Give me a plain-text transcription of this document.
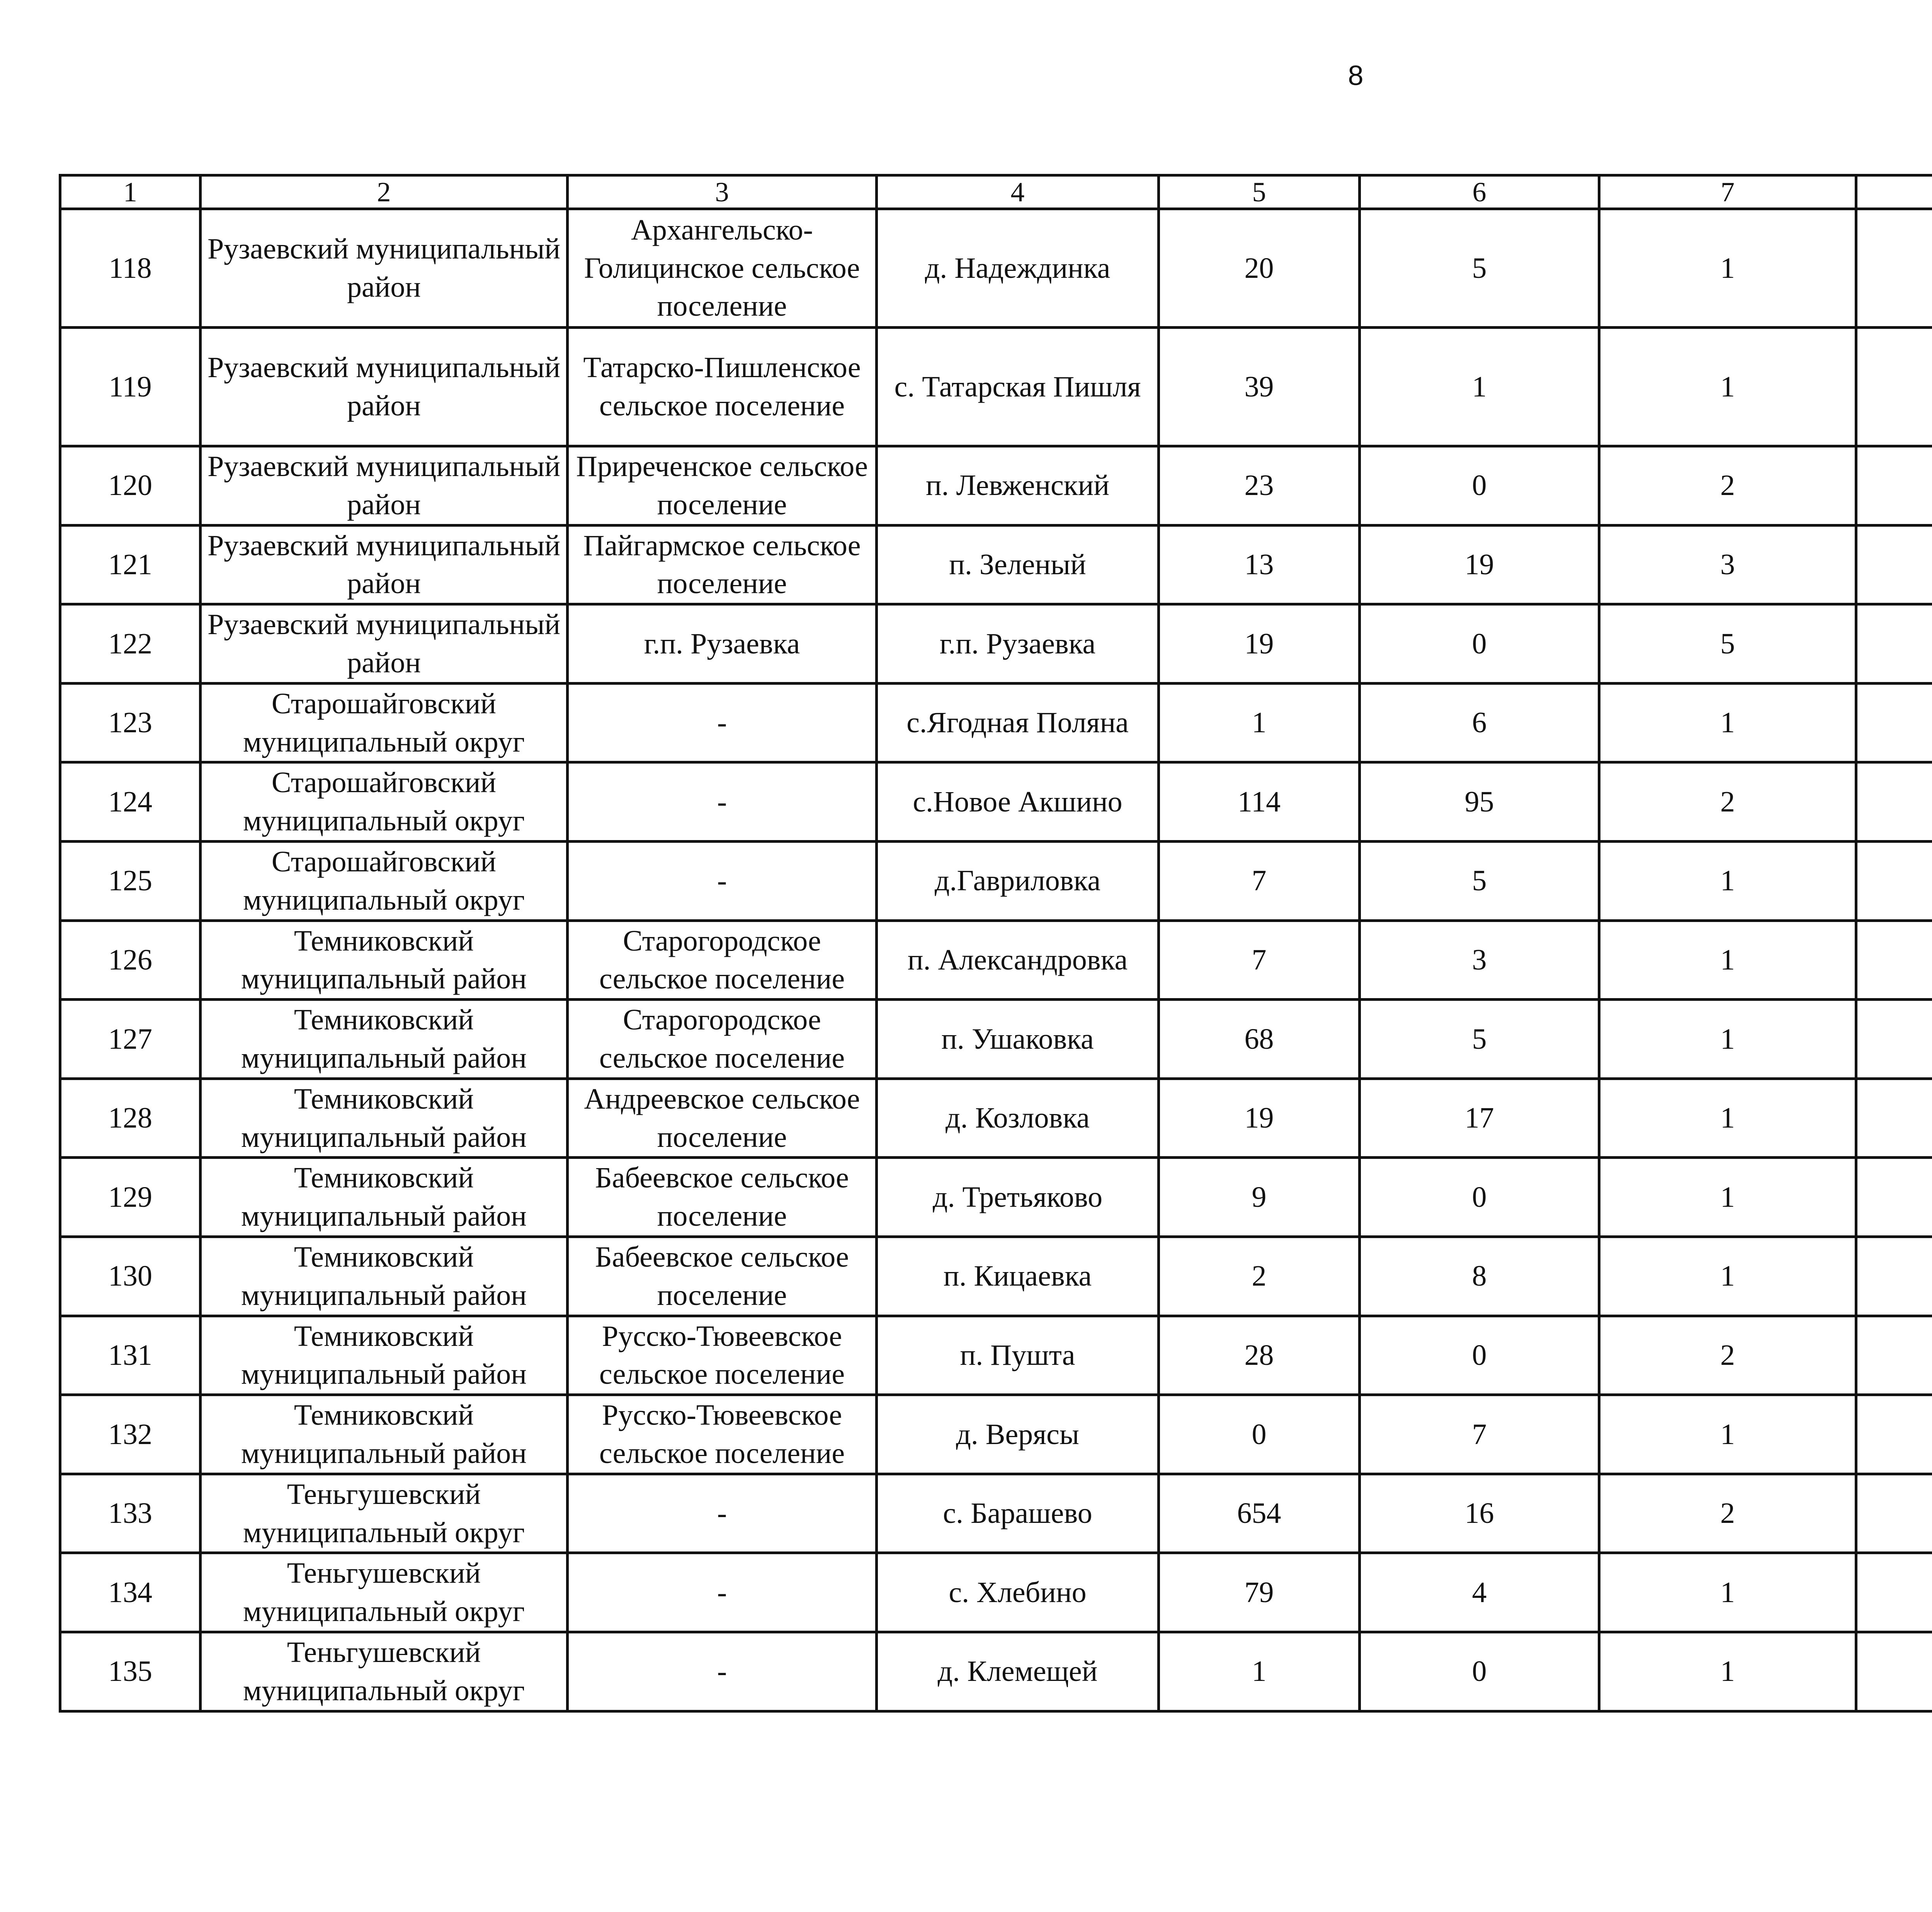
8
1	2	3	4	5	6	7			
118	Рузаевский муниципальный район	Архангельско-Голицинское сельское поселение	д. Надеждинка	20	5	1			
119	Рузаевский муниципальный район	Татарско-Пишленское сельское поселение	с. Татарская Пишля	39	1	1			
120	Рузаевский муниципальный район	Приреченское сельское поселение	п. Левженский	23	0	2			
121	Рузаевский муниципальный район	Пайгармское сельское поселение	п. Зеленый	13	19	3			
122	Рузаевский муниципальный район	г.п. Рузаевка	г.п. Рузаевка	19	0	5			
123	Старошайговский муниципальный округ	-	с.Ягодная Поляна	1	6	1			
124	Старошайговский муниципальный округ	-	с.Новое Акшино	114	95	2			
125	Старошайговский муниципальный округ	-	д.Гавриловка	7	5	1			
126	Темниковский муниципальный район	Старогородское сельское поселение	п. Александровка	7	3	1			
127	Темниковский муниципальный район	Старогородское сельское поселение	п. Ушаковка	68	5	1			
128	Темниковский муниципальный район	Андреевское сельское поселение	д. Козловка	19	17	1			
129	Темниковский муниципальный район	Бабеевское сельское поселение	д. Третьяково	9	0	1			
130	Темниковский муниципальный район	Бабеевское сельское поселение	п. Кицаевка	2	8	1			
131	Темниковский муниципальный район	Русско-Тювеевское сельское поселение	п. Пушта	28	0	2			
132	Темниковский муниципальный район	Русско-Тювеевское сельское поселение	д. Верясы	0	7	1			
133	Теньгушевский муниципальный округ	-	с. Барашево	654	16	2			
134	Теньгушевский муниципальный округ	-	с. Хлебино	79	4	1			
135	Теньгушевский муниципальный округ	-	д. Клемещей	1	0	1			
